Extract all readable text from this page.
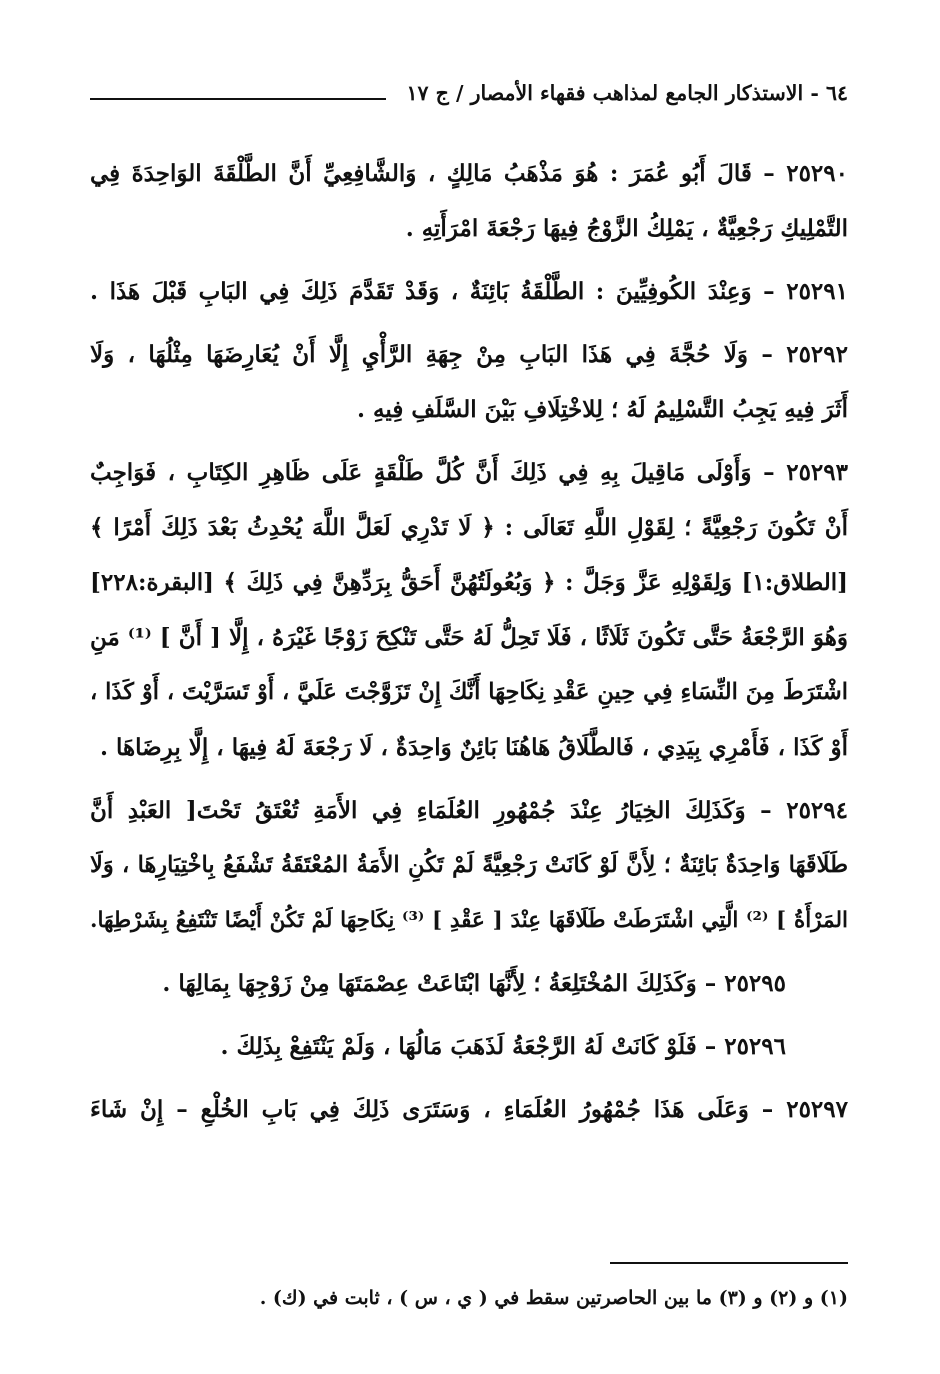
٦٤ - الاستذكار الجامع لمذاهب فقهاء الأمصار / ج ١٧
٢٥٢٩٠ – قَالَ أَبُو عُمَرَ : هُوَ مَذْهَبُ مَالِكٍ ، وَالشَّافِعِيِّ أَنَّ الطَّلْقَةَ الوَاحِدَةَ فِي
التَّمْلِيكِ رَجْعِيَّةٌ ، يَمْلِكُ الزَّوْجُ فِيهَا رَجْعَةَ امْرَأَتِهِ .
٢٥٢٩١ – وَعِنْدَ الكُوفِيِّينَ : الطَّلْقَةُ بَائِنَةٌ ، وَقَدْ تَقَدَّمَ ذَلِكَ فِي البَابِ قَبْلَ هَذَا .
٢٥٢٩٢ – وَلَا حُجَّةَ فِي هَذَا البَابِ مِنْ جِهَةِ الرَّأْيِ إِلَّا أَنْ يُعَارِضَهَا مِثْلُهَا ، وَلَا
أَثَرَ فِيهِ يَجِبُ التَّسْلِيمُ لَهُ ؛ لِلاخْتِلَافِ بَيْنَ السَّلَفِ فِيهِ .
٢٥٢٩٣ – وَأَوْلَى مَاقِيلَ بِهِ فِي ذَلِكَ أَنَّ كُلَّ طَلْقَةٍ عَلَى ظَاهِرِ الكِتَابِ ، فَوَاجِبٌ
أَنْ تَكُونَ رَجْعِيَّةً ؛ لِقَوْلِ اللَّهِ تَعَالَى : ﴿ لَا تَدْرِي لَعَلَّ اللَّهَ يُحْدِثُ بَعْدَ ذَلِكَ أَمْرًا ﴾
[الطلاق:١] وَلِقَوْلِهِ عَزَّ وَجَلَّ : ﴿ وَبُعُولَتُهُنَّ أَحَقُّ بِرَدِّهِنَّ فِي ذَلِكَ ﴾ [البقرة:٢٢٨]
وَهُوَ الرَّجْعَةُ حَتَّى تَكُونَ ثَلَاثًا ، فَلَا تَحِلُّ لَهُ حَتَّى تَنْكِحَ زَوْجًا غَيْرَهُ ، إِلَّا [ أَنَّ ] ⁽¹⁾ مَنِ
اشْتَرَطَ مِنَ النِّسَاءِ فِي حِينِ عَقْدِ نِكَاحِهَا أَنَّكَ إِنْ تَزَوَّجْتَ عَلَيَّ ، أَوْ تَسَرَّيْتَ ، أَوْ كَذَا ،
أَوْ كَذَا ، فَأَمْرِي بِيَدِي ، فَالطَّلَاقُ هَاهُنَا بَائِنٌ وَاحِدَةٌ ، لَا رَجْعَةَ لَهُ فِيهَا ، إِلَّا بِرِضَاهَا .
٢٥٢٩٤ – وَكَذَلِكَ الخِيَارُ عِنْدَ جُمْهُورِ العُلَمَاءِ فِي الأَمَةِ تُعْتَقُ تَحْتَ[ العَبْدِ أَنَّ
طَلَاقَهَا وَاحِدَةٌ بَائِنَةٌ ؛ لِأَنَّ لَوْ كَانَتْ رَجْعِيَّةً لَمْ تَكُنِ الأَمَةُ المُعْتَقَةُ تَشْفَعُ بِاخْتِيَارِهَا ، وَلَا
المَرْأَةُ ] ⁽²⁾ الَّتِي اشْتَرَطَتْ طَلَاقَهَا عِنْدَ [ عَقْدِ ] ⁽³⁾ نِكَاحِهَا لَمْ تَكُنْ أَيْضًا تَنْتَفِعُ بِشَرْطِهَا.
٢٥٢٩٥ – وَكَذَلِكَ المُخْتَلِعَةُ ؛ لِأَنَّهَا ابْتَاعَتْ عِصْمَتَهَا مِنْ زَوْجِهَا بِمَالِهَا .
٢٥٢٩٦ – فَلَوْ كَانَتْ لَهُ الرَّجْعَةُ لَذَهَبَ مَالُهَا ، وَلَمْ يَنْتَفِعْ بِذَلِكَ .
٢٥٢٩٧ – وَعَلَى هَذَا جُمْهُورُ العُلَمَاءِ ، وَسَتَرَى ذَلِكَ فِي بَابِ الخُلْعِ – إِنْ شَاءَ
(١) و (٢) و (٣) ما بين الحاصرتين سقط في ( ي ، س ) ، ثابت في (ك) .
